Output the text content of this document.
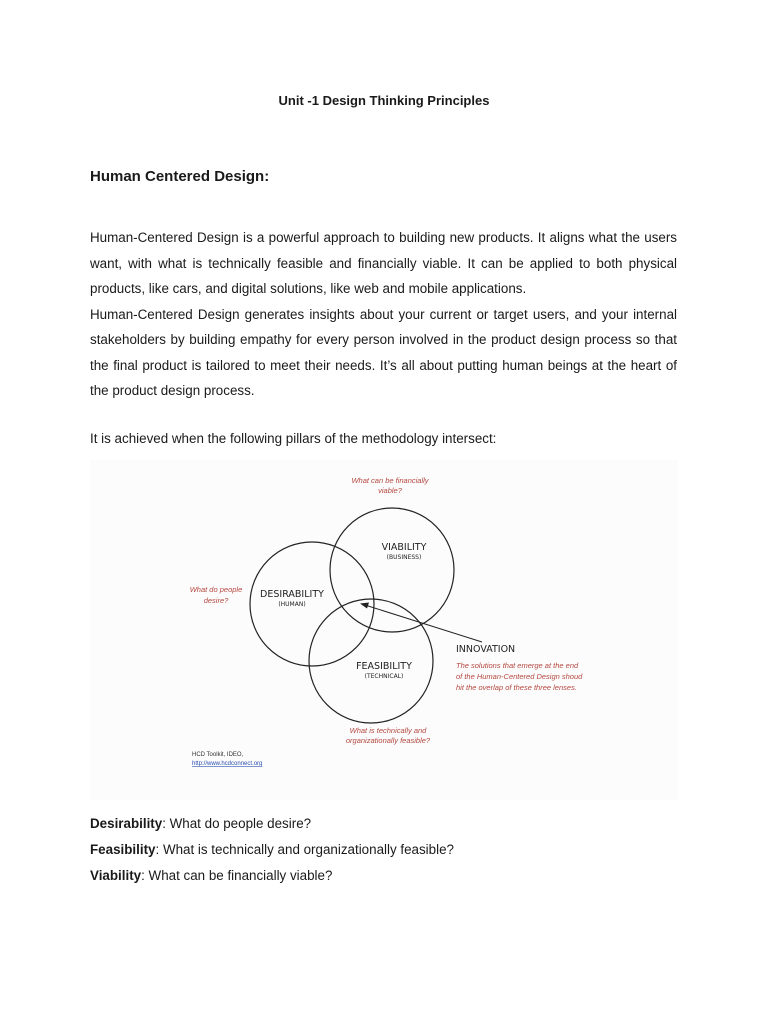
Unit -1 Design Thinking Principles
Human Centered Design:

Human-Centered Design is a powerful approach to building new products. It aligns what the users want, with what is technically feasible and financially viable. It can be applied to both physical products, like cars, and digital solutions, like web and mobile applications.

Human-Centered Design generates insights about your current or target users, and your internal stakeholders by building empathy for every person involved in the product design process so that the final product is tailored to meet their needs. It’s all about putting human beings at the heart of the product design process.

It is achieved when the following pillars of the methodology intersect:
What can be financially
viable?
What do people
desire?
What is technically and
organizationally feasible?
VIABILITY
(BUSINESS)
DESIRABILITY
(HUMAN)
FEASIBILITY
(TECHNICAL)
INNOVATION
The solutions that emerge at the end
of the Human-Centered Design shoud
hit the overlap of these three lenses.
HCD Toolkit, IDEO,
http://www.hcdconnect.org
Desirability: What do people desire?
Feasibility: What is technically and organizationally feasible?
Viability: What can be financially viable?
